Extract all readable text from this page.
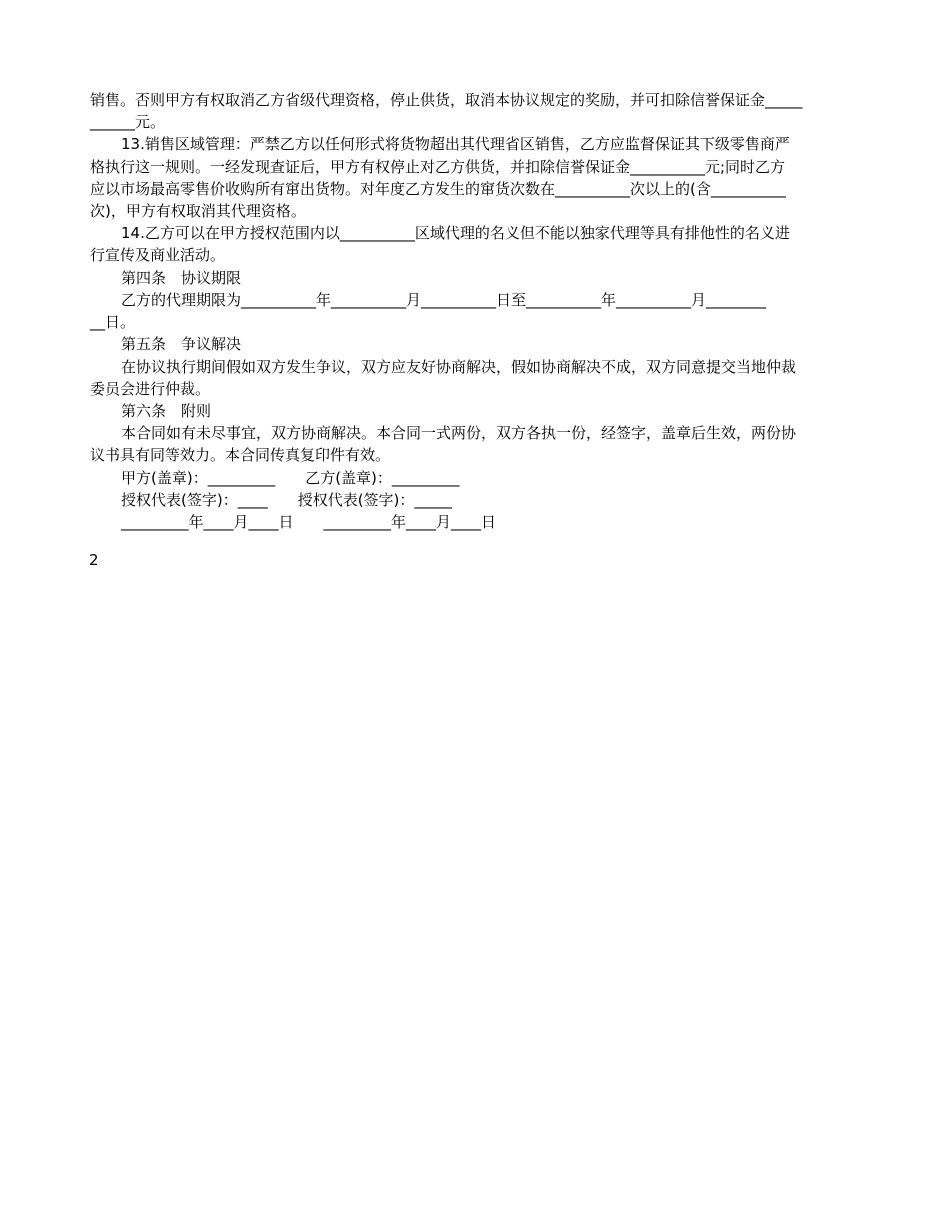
销售。否则甲方有权取消乙方省级代理资格，停止供货，取消本协议规定的奖励，并可扣除信誉保证金_____
______元。
13.销售区域管理：严禁乙方以任何形式将货物超出其代理省区销售，乙方应监督保证其下级零售商严
格执行这一规则。一经发现查证后，甲方有权停止对乙方供货，并扣除信誉保证金__________元;同时乙方
应以市场最高零售价收购所有窜出货物。对年度乙方发生的窜货次数在__________次以上的(含__________
次)，甲方有权取消其代理资格。
14.乙方可以在甲方授权范围内以__________区域代理的名义但不能以独家代理等具有排他性的名义进
行宣传及商业活动。
第四条　协议期限
乙方的代理期限为__________年__________月__________日至__________年__________月________
__日。
第五条　争议解决
在协议执行期间假如双方发生争议，双方应友好协商解决，假如协商解决不成，双方同意提交当地仲裁
委员会进行仲裁。
第六条　附则
本合同如有未尽事宜，双方协商解决。本合同一式两份，双方各执一份，经签字，盖章后生效，两份协
议书具有同等效力。本合同传真复印件有效。
甲方(盖章)：_________　　乙方(盖章)：_________
授权代表(签字)：____　　授权代表(签字)：_____
_________年____月____日　　_________年____月____日
2
